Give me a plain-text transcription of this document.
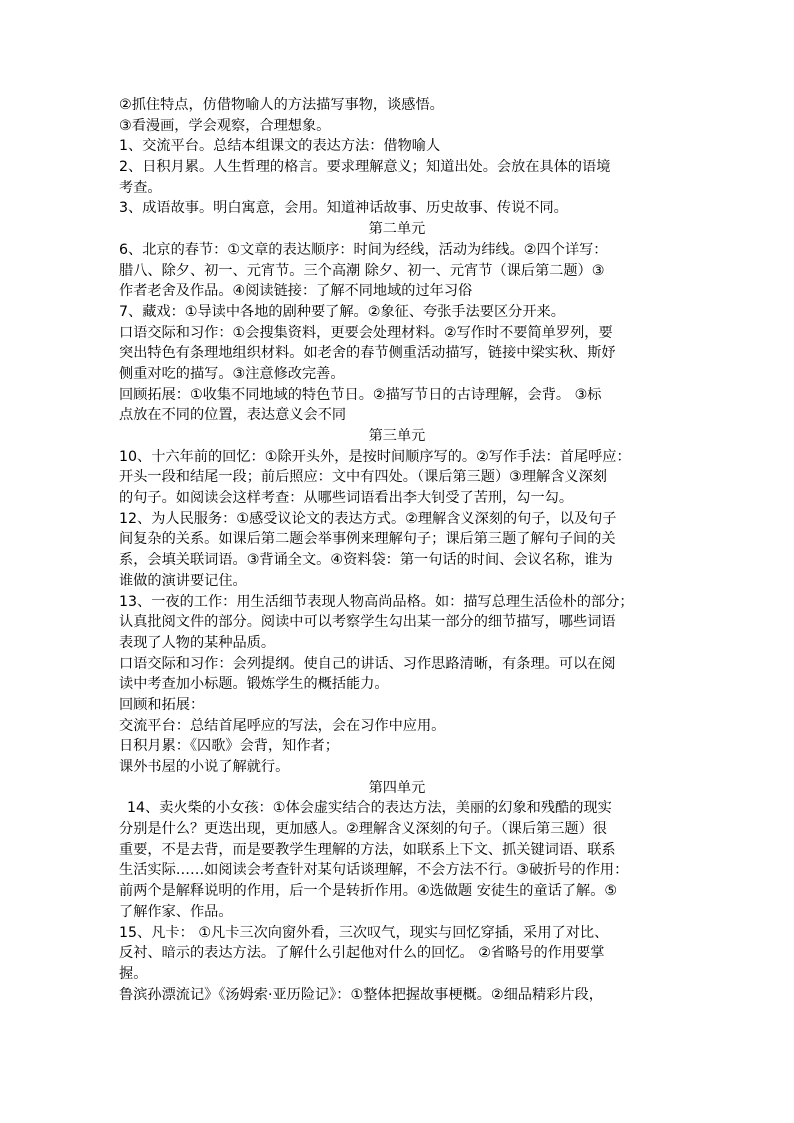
②抓住特点，仿借物喻人的方法描写事物，谈感悟。
③看漫画，学会观察，合理想象。
1、交流平台。总结本组课文的表达方法：借物喻人
2、日积月累。人生哲理的格言。要求理解意义；知道出处。会放在具体的语境
考查。
3、成语故事。明白寓意，会用。知道神话故事、历史故事、传说不同。
第二单元
6、北京的春节：①文章的表达顺序：时间为经线，活动为纬线。②四个详写：
腊八、除夕、初一、元宵节。三个高潮 除夕、初一、元宵节（课后第二题）③
作者老舍及作品。④阅读链接：了解不同地域的过年习俗
7、藏戏：①导读中各地的剧种要了解。②象征、夸张手法要区分开来。
口语交际和习作：①会搜集资料，更要会处理材料。②写作时不要简单罗列，要
突出特色有条理地组织材料。如老舍的春节侧重活动描写，链接中梁实秋、斯妤
侧重对吃的描写。③注意修改完善。
回顾拓展：①收集不同地域的特色节日。②描写节日的古诗理解，会背。 ③标
点放在不同的位置，表达意义会不同
第三单元
10、十六年前的回忆：①除开头外，是按时间顺序写的。②写作手法：首尾呼应：
开头一段和结尾一段；前后照应：文中有四处。（课后第三题）③理解含义深刻
的句子。如阅读会这样考查：从哪些词语看出李大钊受了苦刑，勾一勾。
12、为人民服务：①感受议论文的表达方式。②理解含义深刻的句子，以及句子
间复杂的关系。如课后第二题会举事例来理解句子；课后第三题了解句子间的关
系，会填关联词语。③背诵全文。④资料袋：第一句话的时间、会议名称，谁为
谁做的演讲要记住。
13、一夜的工作：用生活细节表现人物高尚品格。如：描写总理生活俭朴的部分；
认真批阅文件的部分。阅读中可以考察学生勾出某一部分的细节描写，哪些词语
表现了人物的某种品质。
口语交际和习作：会列提纲。使自己的讲话、习作思路清晰，有条理。可以在阅
读中考查加小标题。锻炼学生的概括能力。
回顾和拓展：
交流平台：总结首尾呼应的写法，会在习作中应用。
日积月累：《囚歌》会背，知作者；
课外书屋的小说了解就行。
第四单元
14、卖火柴的小女孩：①体会虚实结合的表达方法，美丽的幻象和残酷的现实
分别是什么？更迭出现，更加感人。②理解含义深刻的句子。（课后第三题）很
重要，不是去背，而是要教学生理解的方法，如联系上下文、抓关键词语、联系
生活实际……如阅读会考查针对某句话谈理解，不会方法不行。③破折号的作用：
前两个是解释说明的作用，后一个是转折作用。④选做题 安徒生的童话了解。⑤
了解作家、作品。
15、凡卡： ①凡卡三次向窗外看，三次叹气，现实与回忆穿插，采用了对比、
反衬、暗示的表达方法。了解什么引起他对什么的回忆。 ②省略号的作用要掌
握。
鲁滨孙漂流记》《汤姆索·亚历险记》：①整体把握故事梗概。②细品精彩片段，
